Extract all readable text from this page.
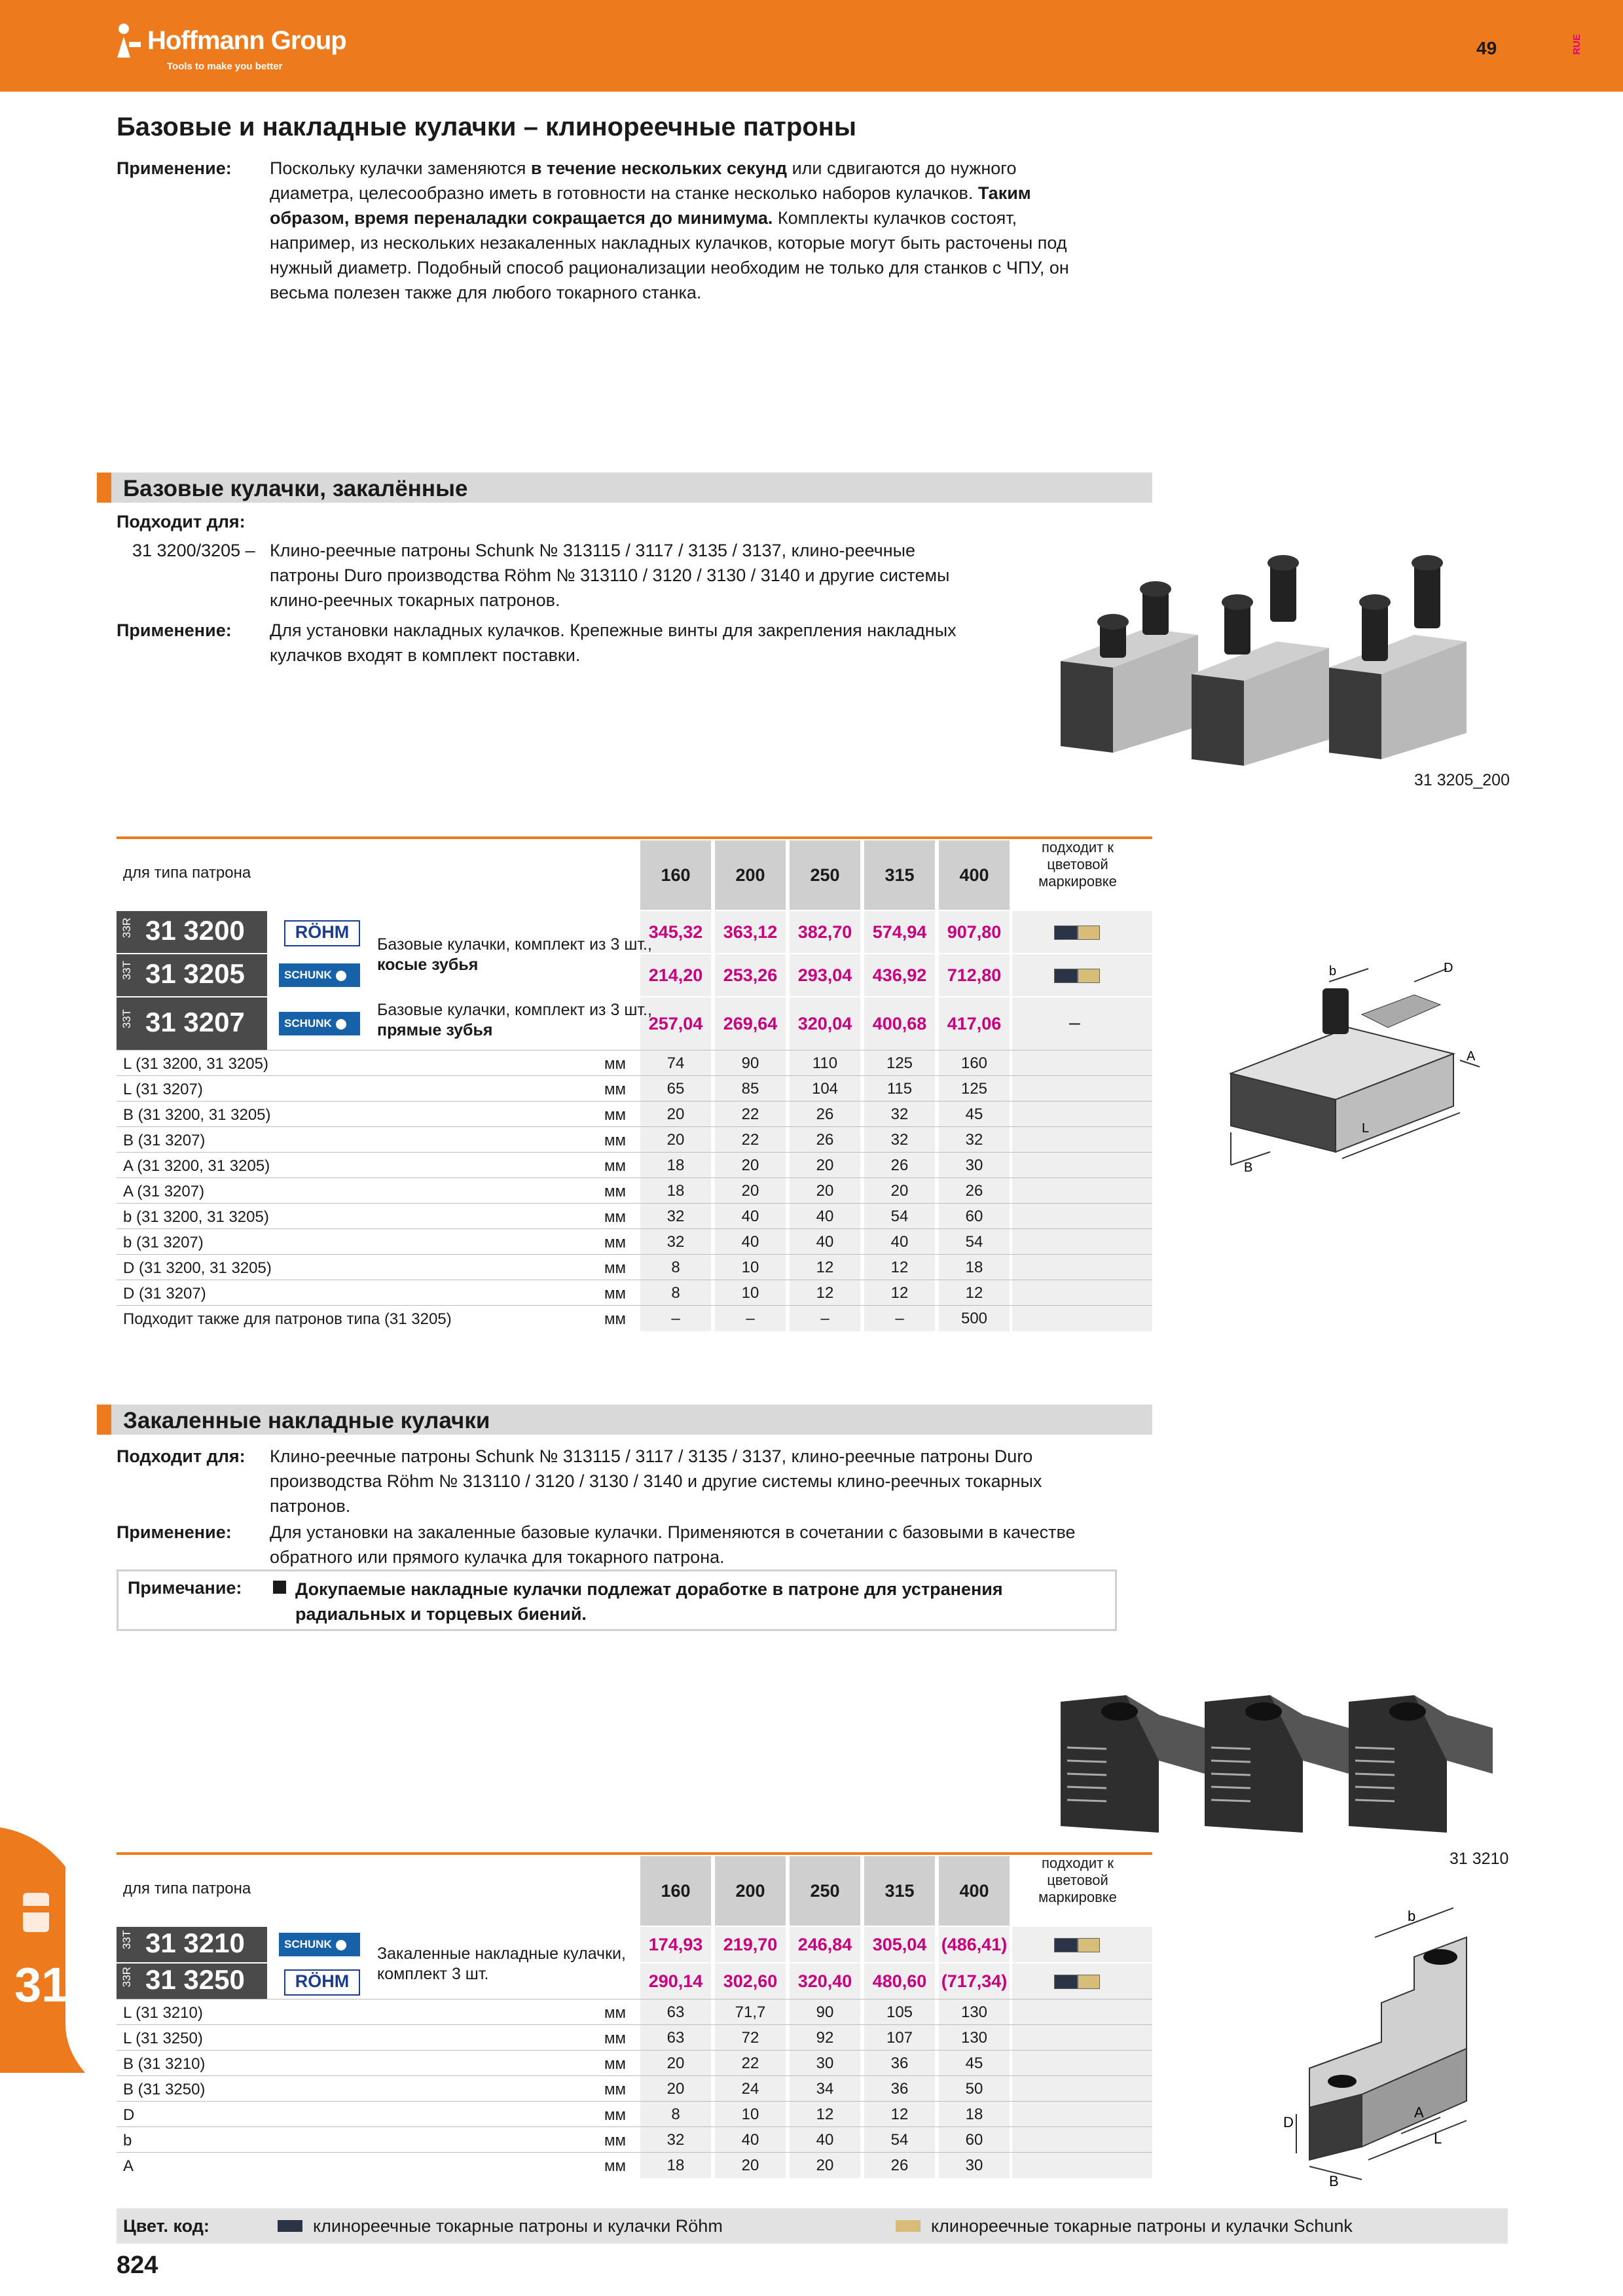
Hoffmann Group
Tools to make you better
49	RUE
Базовые и накладные кулачки – клинореечные патроны
Применение: Поскольку кулачки заменяются в течение нескольких секунд или сдвигаются до нужного
диаметра, целесообразно иметь в готовности на станке несколько наборов кулачков. Таким
образом, время переналадки сокращается до минимума. Комплекты кулачков состоят,
например, из нескольких незакаленных накладных кулачков, которые могут быть расточены под
нужный диаметр. Подобный способ рационализации необходим не только для станков с ЧПУ, он
весьма полезен также для любого токарного станка.
Базовые кулачки, закалённые
Подходит для:
31 3200/3205 – Клино-реечные патроны Schunk № 313115 / 3117 / 3135 / 3137, клино-реечные
патроны Duro производства Röhm № 313110 / 3120 / 3130 / 3140 и другие системы
клино-реечных токарных патронов.
Применение: Для установки накладных кулачков. Крепежные винты для закрепления накладных
кулачков входят в комплект поставки.
31 3205_200
для типа патрона	160	200	250	315	400
подходит к
цветовой
маркировке
33R 31 3200	RÖHM	345,32	363,12	382,70	574,94	907,80
33T 31 3205	SCHUNK	214,20	253,26	293,04	436,92	712,80
33T 31 3207	SCHUNK	257,04	269,64	320,04	400,68	417,06	–
Базовые кулачки, комплект из 3 шт.,
косые зубья
Базовые кулачки, комплект из 3 шт.,
прямые зубья
L (31 3200, 31 3205)	мм	74	90	110	125	160
L (31 3207)	мм	65	85	104	115	125
B (31 3200, 31 3205)	мм	20	22	26	32	45
B (31 3207)	мм	20	22	26	32	32
A (31 3200, 31 3205)	мм	18	20	20	26	30
A (31 3207)	мм	18	20	20	20	26
b (31 3200, 31 3205)	мм	32	40	40	54	60
b (31 3207)	мм	32	40	40	40	54
D (31 3200, 31 3205)	мм	8	10	12	12	18
D (31 3207)	мм	8	10	12	12	12
Подходит также для патронов типа (31 3205)	мм	–	–	–	–	500
b	D
A
L
B
Закаленные накладные кулачки
Подходит для: Клино-реечные патроны Schunk № 313115 / 3117 / 3135 / 3137, клино-реечные патроны Duro
производства Röhm № 313110 / 3120 / 3130 / 3140 и другие системы клино-реечных токарных
патронов.
Применение: Для установки на закаленные базовые кулачки. Применяются в сочетании с базовыми в качестве
обратного или прямого кулачка для токарного патрона.
Примечание:	Докупаемые накладные кулачки подлежат доработке в патроне для устранения
радиальных и торцевых биений.
31 3210
для типа патрона	160	200	250	315	400
подходит к
цветовой
маркировке
33T 31 3210	SCHUNK	174,93	219,70	246,84	305,04 (486,41)
33R 31 3250	RÖHM	290,14	302,60	320,40	480,60 (717,34)
Закаленные накладные кулачки,
комплект 3 шт.
L (31 3210)	мм	63	71,7	90	105	130
L (31 3250)	мм	63	72	92	107	130
B (31 3210)	мм	20	22	30	36	45
B (31 3250)	мм	20	24	34	36	50
D	мм	8	10	12	12	18
b	мм	32	40	40	54	60
A	мм	18	20	20	26	30
b
D
A
L
B
31
Цвет. код:	клинореечные токарные патроны и кулачки Röhm	клинореечные токарные патроны и кулачки Schunk
824
